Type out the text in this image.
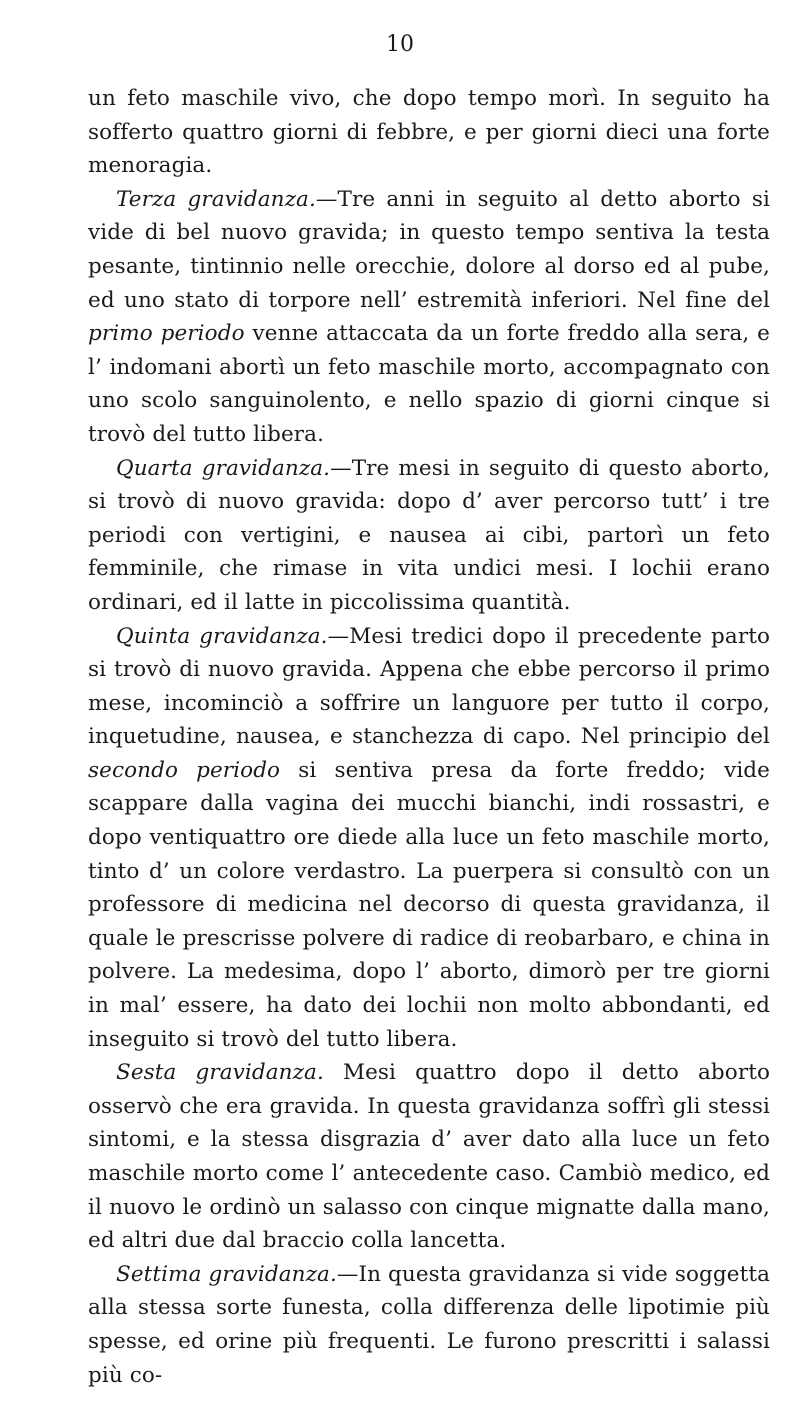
10

un feto maschile vivo, che dopo tempo morì. In seguito ha sofferto quattro giorni di febbre, e per giorni dieci una forte menoragia.

Terza gravidanza.—Tre anni in seguito al detto aborto si vide di bel nuovo gravida; in questo tempo sentiva la testa pesante, tintinnio nelle orecchie, dolore al dorso ed al pube, ed uno stato di torpore nell’ estremità inferiori. Nel fine del primo periodo venne attaccata da un forte freddo alla sera, e l’ indomani abortì un feto maschile morto, accompagnato con uno scolo sanguinolento, e nello spazio di giorni cinque si trovò del tutto libera.

Quarta gravidanza.—Tre mesi in seguito di questo aborto, si trovò di nuovo gravida: dopo d’ aver percorso tutt’ i tre periodi con vertigini, e nausea ai cibi, partorì un feto femminile, che rimase in vita undici mesi. I lochii erano ordinari, ed il latte in piccolissima quantità.

Quinta gravidanza.—Mesi tredici dopo il precedente parto si trovò di nuovo gravida. Appena che ebbe percorso il primo mese, incominciò a soffrire un languore per tutto il corpo, inquetudine, nausea, e stanchezza di capo. Nel principio del secondo periodo si sentiva presa da forte freddo; vide scappare dalla vagina dei mucchi bianchi, indi rossastri, e dopo ventiquattro ore diede alla luce un feto maschile morto, tinto d’ un colore verdastro. La puerpera si consultò con un professore di medicina nel decorso di questa gravidanza, il quale le prescrisse polvere di radice di reobarbaro, e china in polvere. La medesima, dopo l’ aborto, dimorò per tre giorni in mal’ essere, ha dato dei lochii non molto abbondanti, ed inseguito si trovò del tutto libera.

Sesta gravidanza. Mesi quattro dopo il detto aborto osservò che era gravida. In questa gravidanza soffrì gli stessi sintomi, e la stessa disgrazia d’ aver dato alla luce un feto maschile morto come l’ antecedente caso. Cambiò medico, ed il nuovo le ordinò un salasso con cinque mignatte dalla mano, ed altri due dal braccio colla lancetta.

Settima gravidanza.—In questa gravidanza si vide soggetta alla stessa sorte funesta, colla differenza delle lipotimie più spesse, ed orine più frequenti. Le furono prescritti i salassi più co-
